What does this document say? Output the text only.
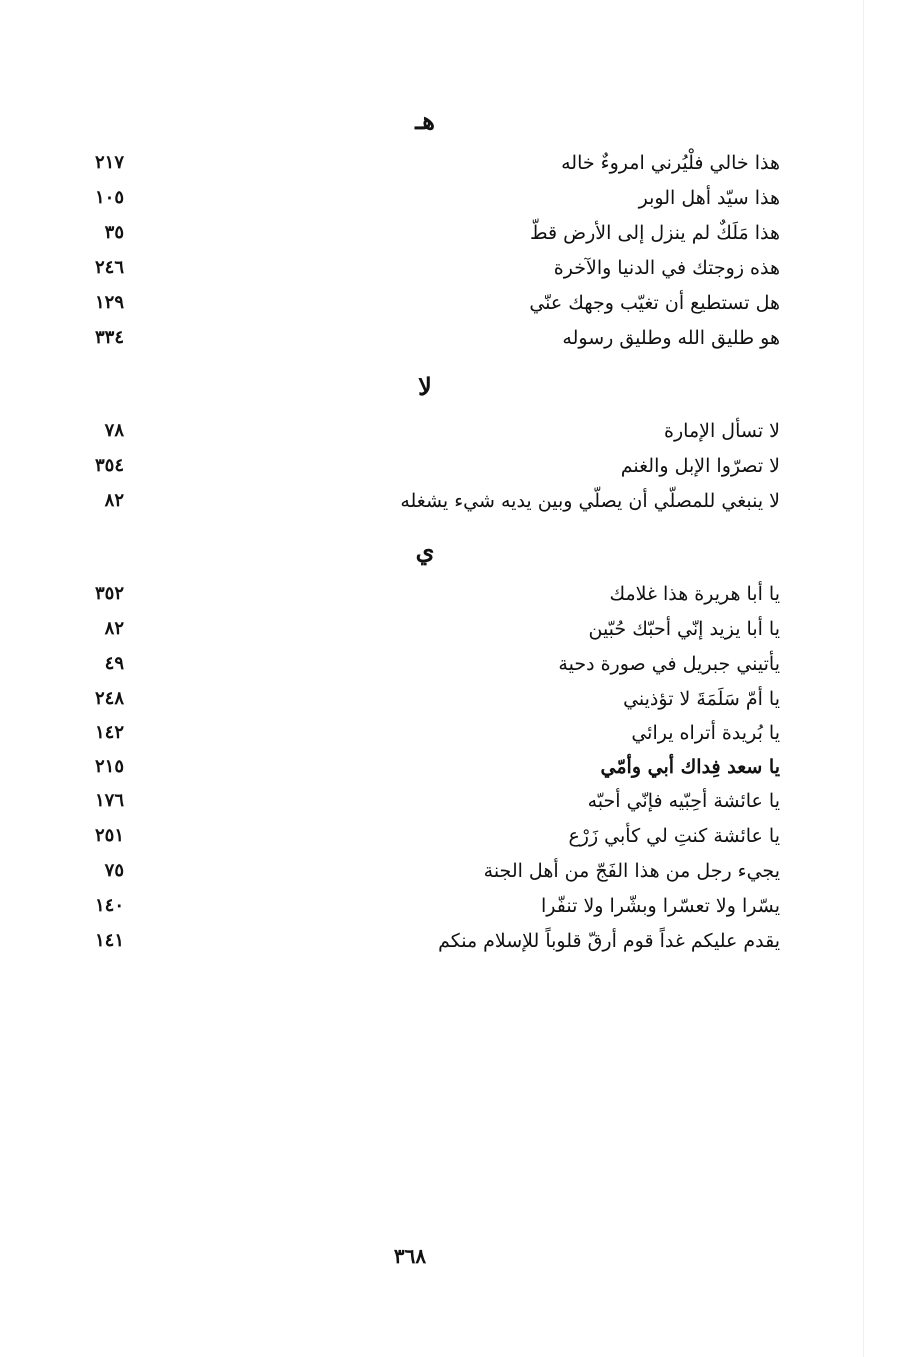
هـ
هذا خالي فلْيُرني امروءٌ خاله
٢١٧
هذا سيّد أهل الوبر
١٠٥
هذا مَلَكٌ لم ينزل إلى الأرض قطّ
٣٥
هذه زوجتك في الدنيا والآخرة
٢٤٦
هل تستطيع أن تغيّب وجهك عنّي
١٢٩
هو طليق الله وطليق رسوله
٣٣٤
لا
لا تسأل الإمارة
٧٨
لا تصرّوا الإبل والغنم
٣٥٤
لا ينبغي للمصلّي أن يصلّي وبين يديه شيء يشغله
٨٢
ي
يا أبا هريرة هذا غلامك
٣٥٢
يا أبا يزيد إنّي أحبّك حُبّين
٨٢
يأتيني جبريل في صورة دحية
٤٩
يا أمّ سَلَمَةَ لا تؤذيني
٢٤٨
يا بُريدة أتراه يرائي
١٤٢
يا سعد فِداك أبي وأمّي
٢١٥
يا عائشة أحِبّيه فإنّي أحبّه
١٧٦
يا عائشة كنتِ لي كأبي زَرْع
٢٥١
يجيء رجل من هذا الفَجّ من أهل الجنة
٧٥
يسّرا ولا تعسّرا وبشّرا ولا تنفّرا
١٤٠
يقدم عليكم غداً قوم أرقّ قلوباً للإسلام منكم
١٤١
٣٦٨
